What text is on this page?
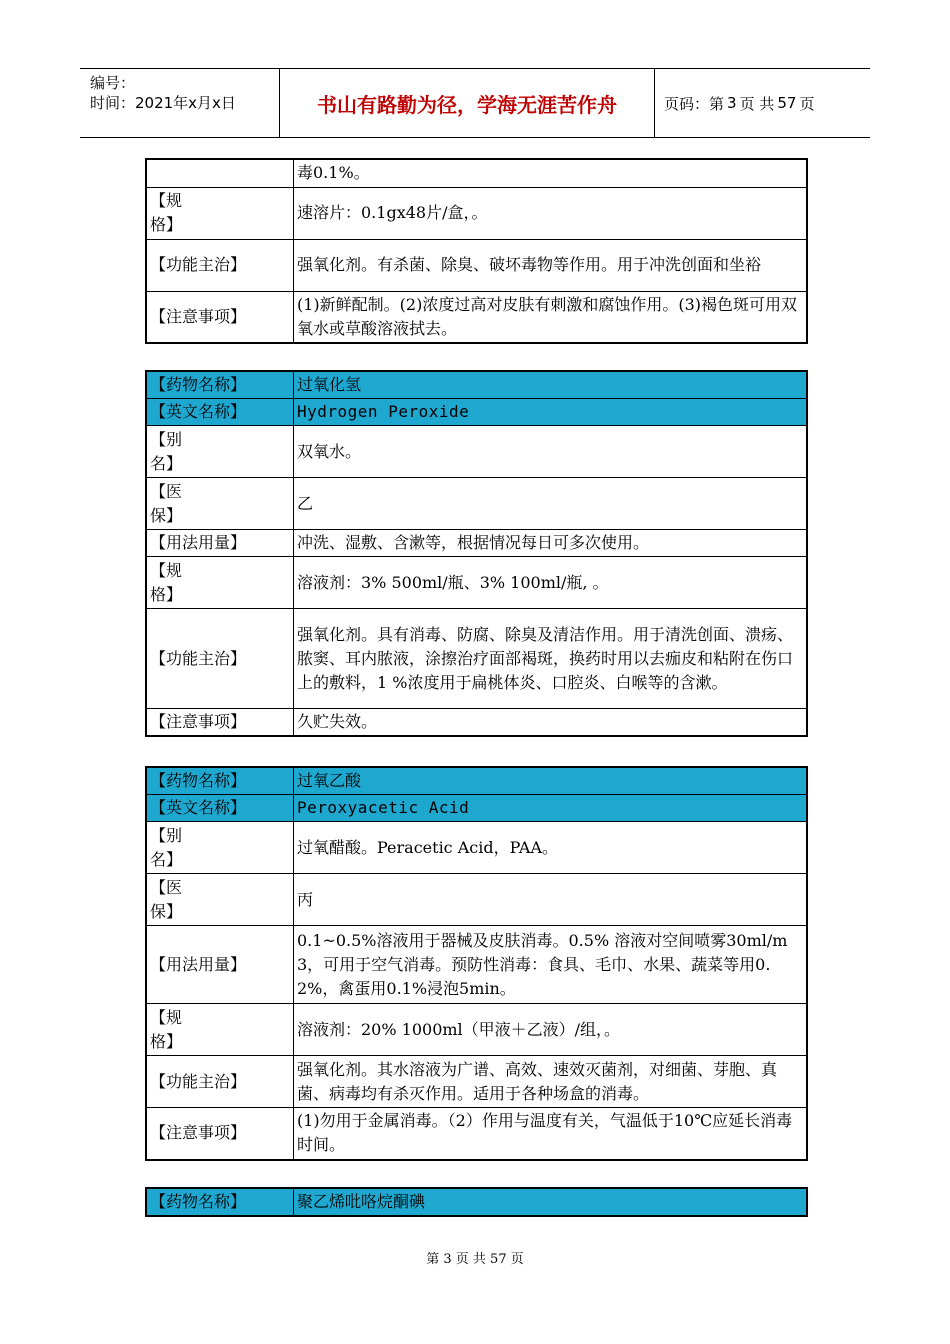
编号：
时间：2021年x月x日	书山有路勤为径，学海无涯苦作舟	页码：第 3 页 共 57 页
	毒0.1%。
【规格】	速溶片：0.1gx48片/盒，。
【功能主治】	强氧化剂。有杀菌、除臭、破坏毒物等作用。用于冲洗创面和坐裕
【注意事项】	(1)新鲜配制。(2)浓度过高对皮肤有刺激和腐蚀作用。(3)褐色斑可用双氧水或草酸溶液拭去。
【药物名称】	过氧化氢
【英文名称】	Hydrogen Peroxide
【别名】	双氧水。
【医保】	乙
【用法用量】	冲洗、湿敷、含漱等，根据情况每日可多次使用。
【规格】	溶液剂：3% 500ml/瓶、3% 100ml/瓶, 。
【功能主治】	强氧化剂。具有消毒、防腐、除臭及清洁作用。用于清洗创面、溃疡、脓窦、耳内脓液，涂擦治疗面部褐斑，换药时用以去痂皮和粘附在伤口上的敷料，1 %浓度用于扁桃体炎、口腔炎、白喉等的含漱。
【注意事项】	久贮失效。
【药物名称】	过氧乙酸
【英文名称】	Peroxyacetic Acid
【别名】	过氧醋酸。Peracetic Acid，PAA。
【医保】	丙
【用法用量】	0.1~0.5%溶液用于器械及皮肤消毒。0.5% 溶液对空间喷雾30ml/m3，可用于空气消毒。预防性消毒：食具、毛巾、水果、蔬菜等用0.2%，禽蛋用0.1%浸泡5min。
【规格】	溶液剂：20% 1000ml（甲液＋乙液）/组，。
【功能主治】	强氧化剂。其水溶液为广谱、高效、速效灭菌剂，对细菌、芽胞、真菌、病毒均有杀灭作用。适用于各种场盒的消毒。
【注意事项】	(1)勿用于金属消毒。（2）作用与温度有关，气温低于10℃应延长消毒时间。
【药物名称】	聚乙烯吡咯烷酮碘
第 3 页 共 57 页
